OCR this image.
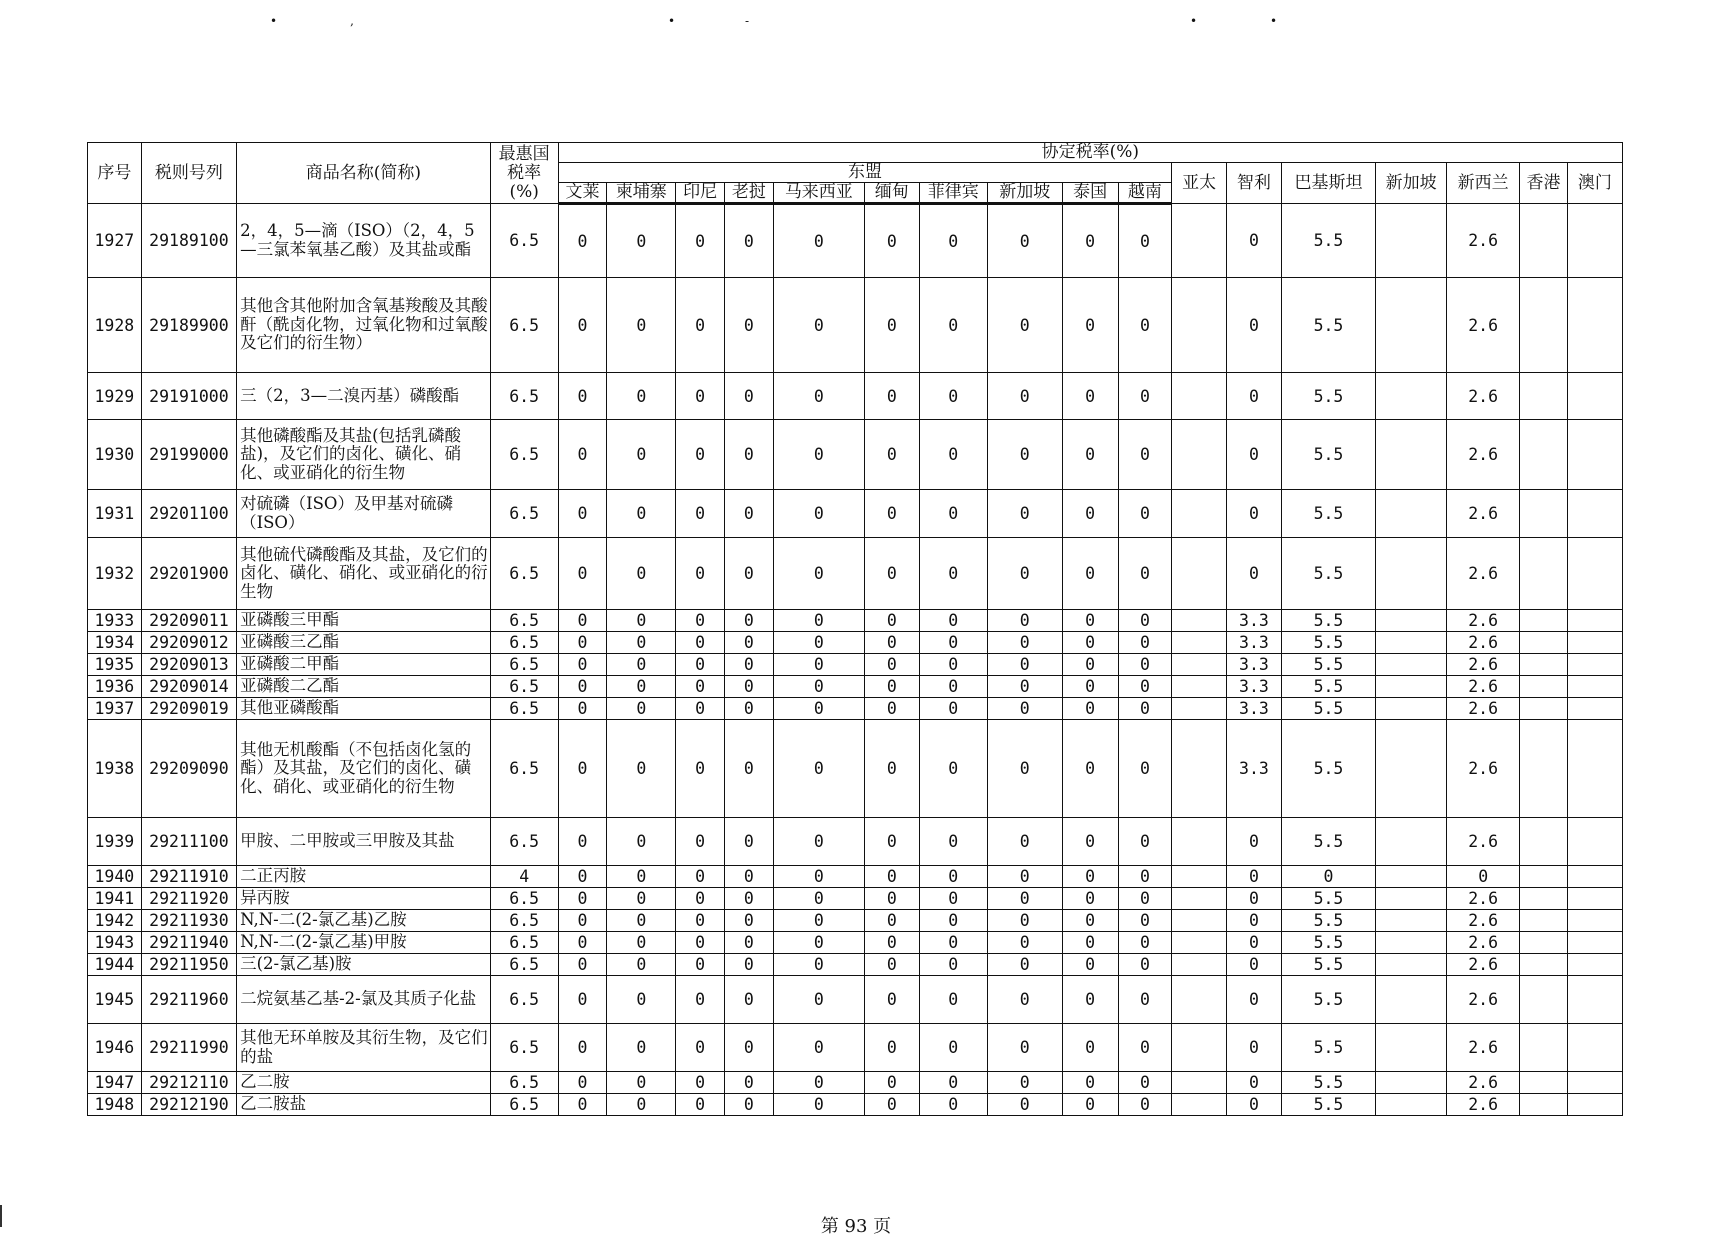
•	‚	•	‑	•	•
序号	税则号列	商品名称(简称)	最惠国税率(%)	协定税率(%)																
				东盟										亚太	智利	巴基斯坦	新加坡	新西兰	香港	澳门
				文莱	柬埔寨	印尼	老挝	马来西亚	缅甸	菲律宾	新加坡	泰国	越南							
1927	29189100	2，4，5—滴（ISO）（2，4，5—三氯苯氧基乙酸）及其盐或酯	6.5	0	0	0	0	0	0	0	0	0	0		0	5.5		2.6		
1928	29189900	其他含其他附加含氧基羧酸及其酸酐（酰卤化物，过氧化物和过氧酸及它们的衍生物）	6.5	0	0	0	0	0	0	0	0	0	0		0	5.5		2.6		
1929	29191000	三（2，3—二溴丙基）磷酸酯	6.5	0	0	0	0	0	0	0	0	0	0		0	5.5		2.6		
1930	29199000	其他磷酸酯及其盐(包括乳磷酸盐)，及它们的卤化、磺化、硝化、或亚硝化的衍生物	6.5	0	0	0	0	0	0	0	0	0	0		0	5.5		2.6		
1931	29201100	对硫磷（ISO）及甲基对硫磷（ISO）	6.5	0	0	0	0	0	0	0	0	0	0		0	5.5		2.6		
1932	29201900	其他硫代磷酸酯及其盐，及它们的卤化、磺化、硝化、或亚硝化的衍生物	6.5	0	0	0	0	0	0	0	0	0	0		0	5.5		2.6		
1933	29209011	亚磷酸三甲酯	6.5	0	0	0	0	0	0	0	0	0	0		3.3	5.5		2.6		
1934	29209012	亚磷酸三乙酯	6.5	0	0	0	0	0	0	0	0	0	0		3.3	5.5		2.6		
1935	29209013	亚磷酸二甲酯	6.5	0	0	0	0	0	0	0	0	0	0		3.3	5.5		2.6		
1936	29209014	亚磷酸二乙酯	6.5	0	0	0	0	0	0	0	0	0	0		3.3	5.5		2.6		
1937	29209019	其他亚磷酸酯	6.5	0	0	0	0	0	0	0	0	0	0		3.3	5.5		2.6		
1938	29209090	其他无机酸酯（不包括卤化氢的酯）及其盐，及它们的卤化、磺化、硝化、或亚硝化的衍生物	6.5	0	0	0	0	0	0	0	0	0	0		3.3	5.5		2.6		
1939	29211100	甲胺、二甲胺或三甲胺及其盐	6.5	0	0	0	0	0	0	0	0	0	0		0	5.5		2.6		
1940	29211910	二正丙胺	4	0	0	0	0	0	0	0	0	0	0		0	0		0		
1941	29211920	异丙胺	6.5	0	0	0	0	0	0	0	0	0	0		0	5.5		2.6		
1942	29211930	N,N-二(2-氯乙基)乙胺	6.5	0	0	0	0	0	0	0	0	0	0		0	5.5		2.6		
1943	29211940	N,N-二(2-氯乙基)甲胺	6.5	0	0	0	0	0	0	0	0	0	0		0	5.5		2.6		
1944	29211950	三(2-氯乙基)胺	6.5	0	0	0	0	0	0	0	0	0	0		0	5.5		2.6		
1945	29211960	二烷氨基乙基-2-氯及其质子化盐	6.5	0	0	0	0	0	0	0	0	0	0		0	5.5		2.6		
1946	29211990	其他无环单胺及其衍生物，及它们的盐	6.5	0	0	0	0	0	0	0	0	0	0		0	5.5		2.6		
1947	29212110	乙二胺	6.5	0	0	0	0	0	0	0	0	0	0		0	5.5		2.6		
1948	29212190	乙二胺盐	6.5	0	0	0	0	0	0	0	0	0	0		0	5.5		2.6		
第 93 页
